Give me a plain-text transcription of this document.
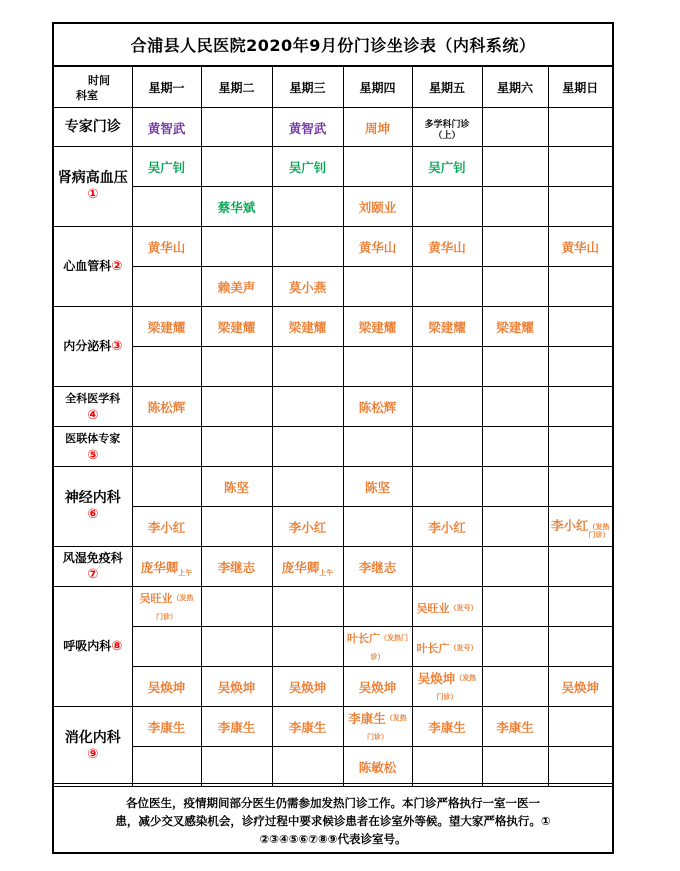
合浦县人民医院2020年9月份门诊坐诊表（内科系统）
时间
科室	星期一	星期二	星期三	星期四	星期五	星期六	星期日
专家门诊	黄智武		黄智武	周坤	多学科门诊
（上）		

肾病高血压
①	吴广钊		吴广钊		吴广钊		
		蔡华斌		刘颐业			
心血管科②	黄华山			黄华山	黄华山		黄华山
		赖美声	莫小燕				
内分泌科③	梁建耀	梁建耀	梁建耀	梁建耀	梁建耀	梁建耀	

全科医学科
④	陈松辉			陈松辉			
医联体专家
⑤							
神经内科
⑥		陈坚		陈坚			
	李小红		李小红		李小红		李小红 （发热
门诊）

风湿免疫科
⑦	庞华卿上午	李继志	庞华卿上午	李继志			
呼吸内科⑧	吴旺业（发热
门诊）				吴旺业（发号）		
				叶长广（发热门
诊）	叶长广（发号）		
	吴焕坤	吴焕坤	吴焕坤	吴焕坤	吴焕坤（发热
门诊）		吴焕坤
消化内科
⑨	李康生	李康生	李康生	李康生（发热
门诊）	李康生	李康生	
				陈敏松			
各位医生，疫情期间部分医生仍需参加发热门诊工作。本门诊严格执行一室一医一
患，减少交叉感染机会，诊疗过程中要求候诊患者在诊室外等候。望大家严格执行。①
②③④⑤⑥⑦⑧⑨代表诊室号。
